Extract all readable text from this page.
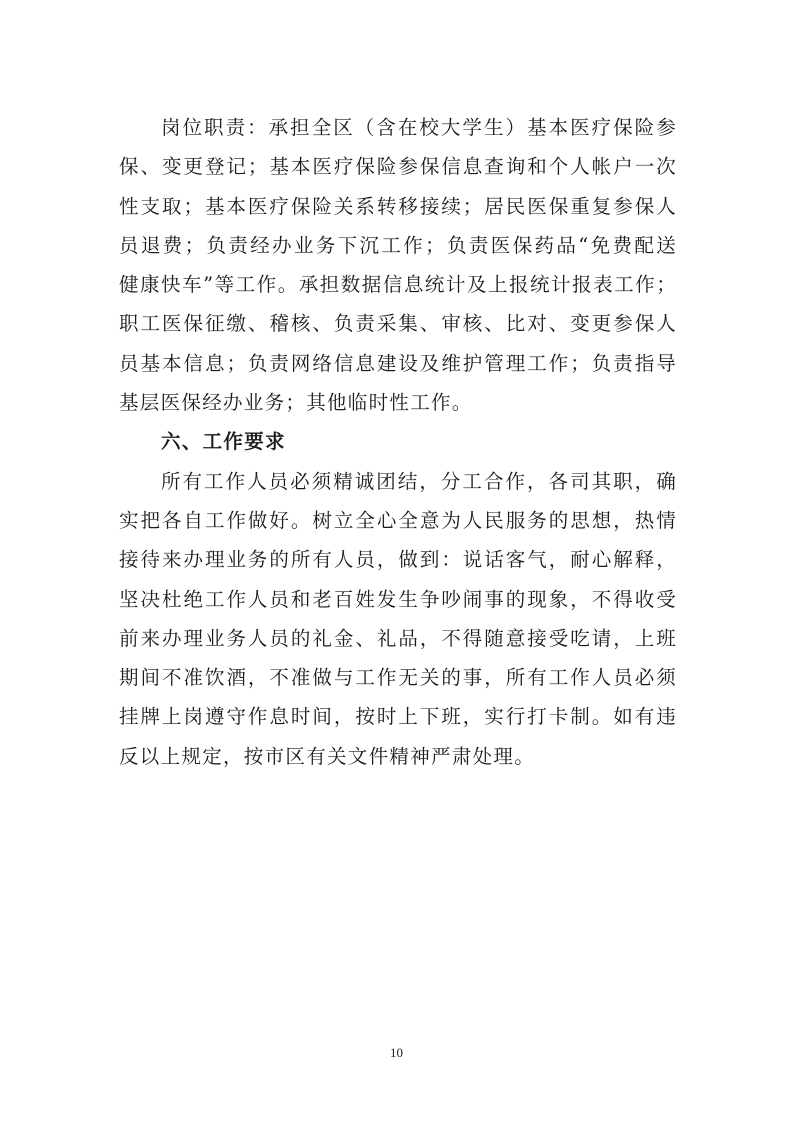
岗位职责：承担全区（含在校大学生）基本医疗保险参
保、变更登记；基本医疗保险参保信息查询和个人帐户一次
性支取；基本医疗保险关系转移接续；居民医保重复参保人
员退费；负责经办业务下沉工作；负责医保药品“免费配送
健康快车”等工作。承担数据信息统计及上报统计报表工作；
职工医保征缴、稽核、负责采集、审核、比对、变更参保人
员基本信息；负责网络信息建设及维护管理工作；负责指导
基层医保经办业务；其他临时性工作。
六、工作要求
所有工作人员必须精诚团结，分工合作，各司其职，确
实把各自工作做好。树立全心全意为人民服务的思想，热情
接待来办理业务的所有人员，做到：说话客气，耐心解释，
坚决杜绝工作人员和老百姓发生争吵闹事的现象，不得收受
前来办理业务人员的礼金、礼品，不得随意接受吃请，上班
期间不准饮酒，不准做与工作无关的事，所有工作人员必须
挂牌上岗遵守作息时间，按时上下班，实行打卡制。如有违
反以上规定，按市区有关文件精神严肃处理。
10
